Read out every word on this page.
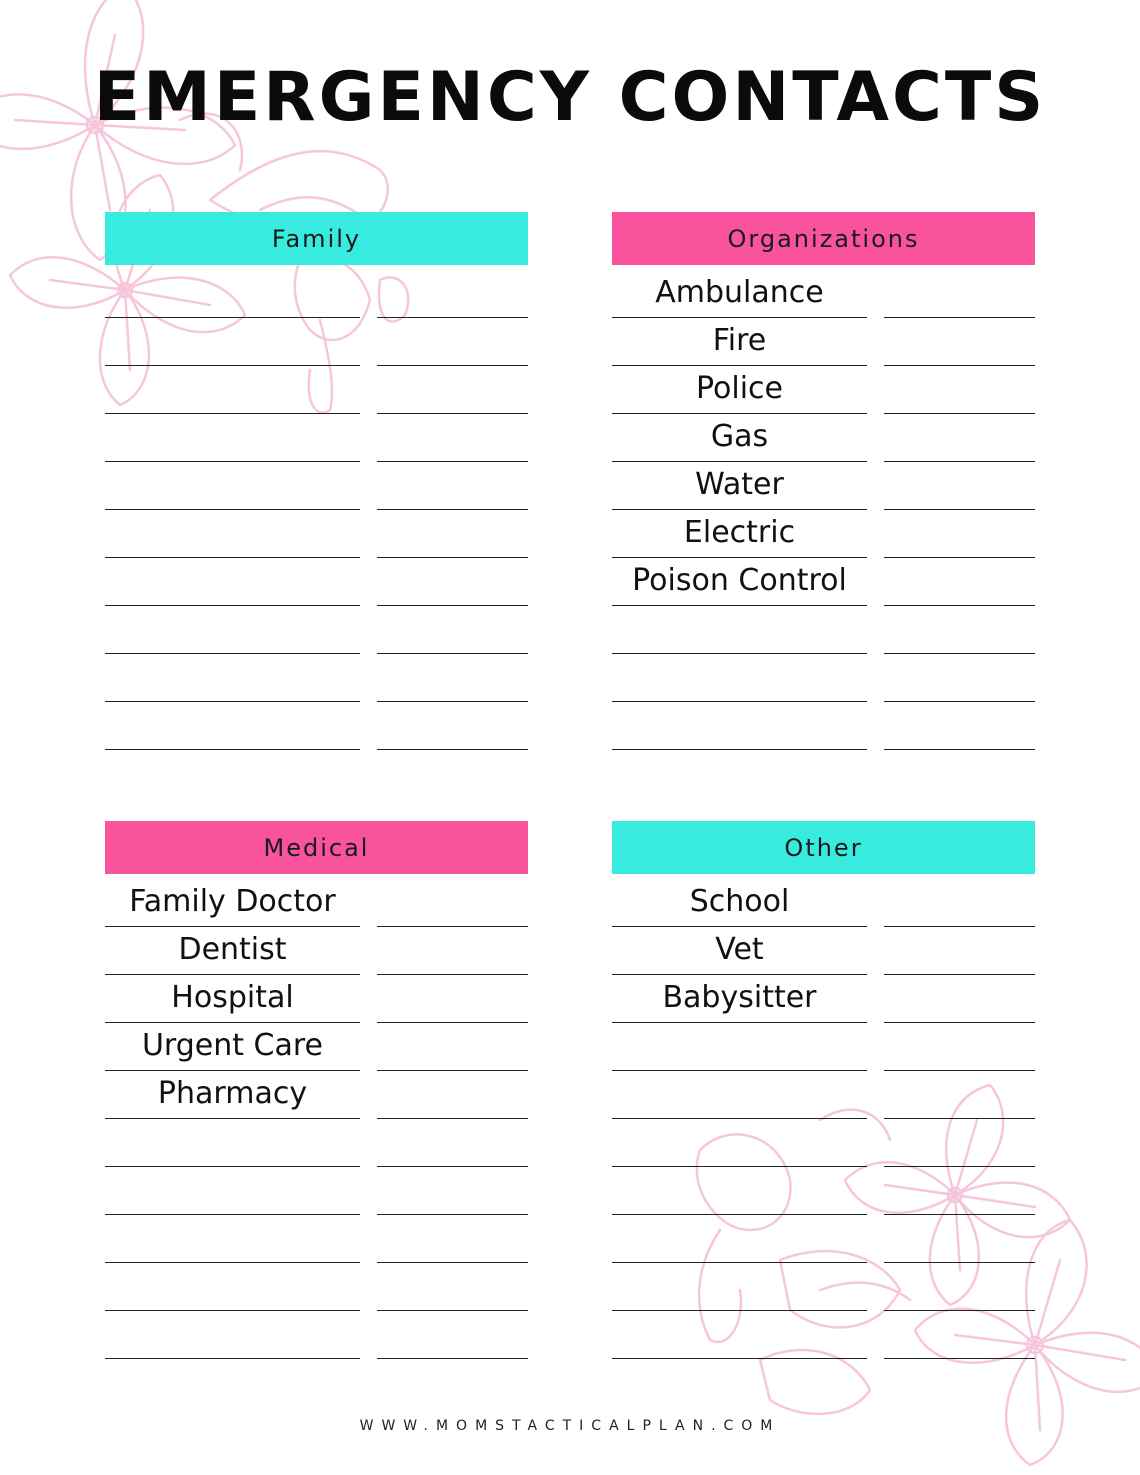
EMERGENCY CONTACTS
Family	Organizations
Ambulance
Fire
Police
Gas
Water
Electric
Poison Control
Medical
Family Doctor
Dentist
Hospital
Urgent Care
Pharmacy
Other
School
Vet
Babysitter
WWW.MOMSTACTICALPLAN.COM
